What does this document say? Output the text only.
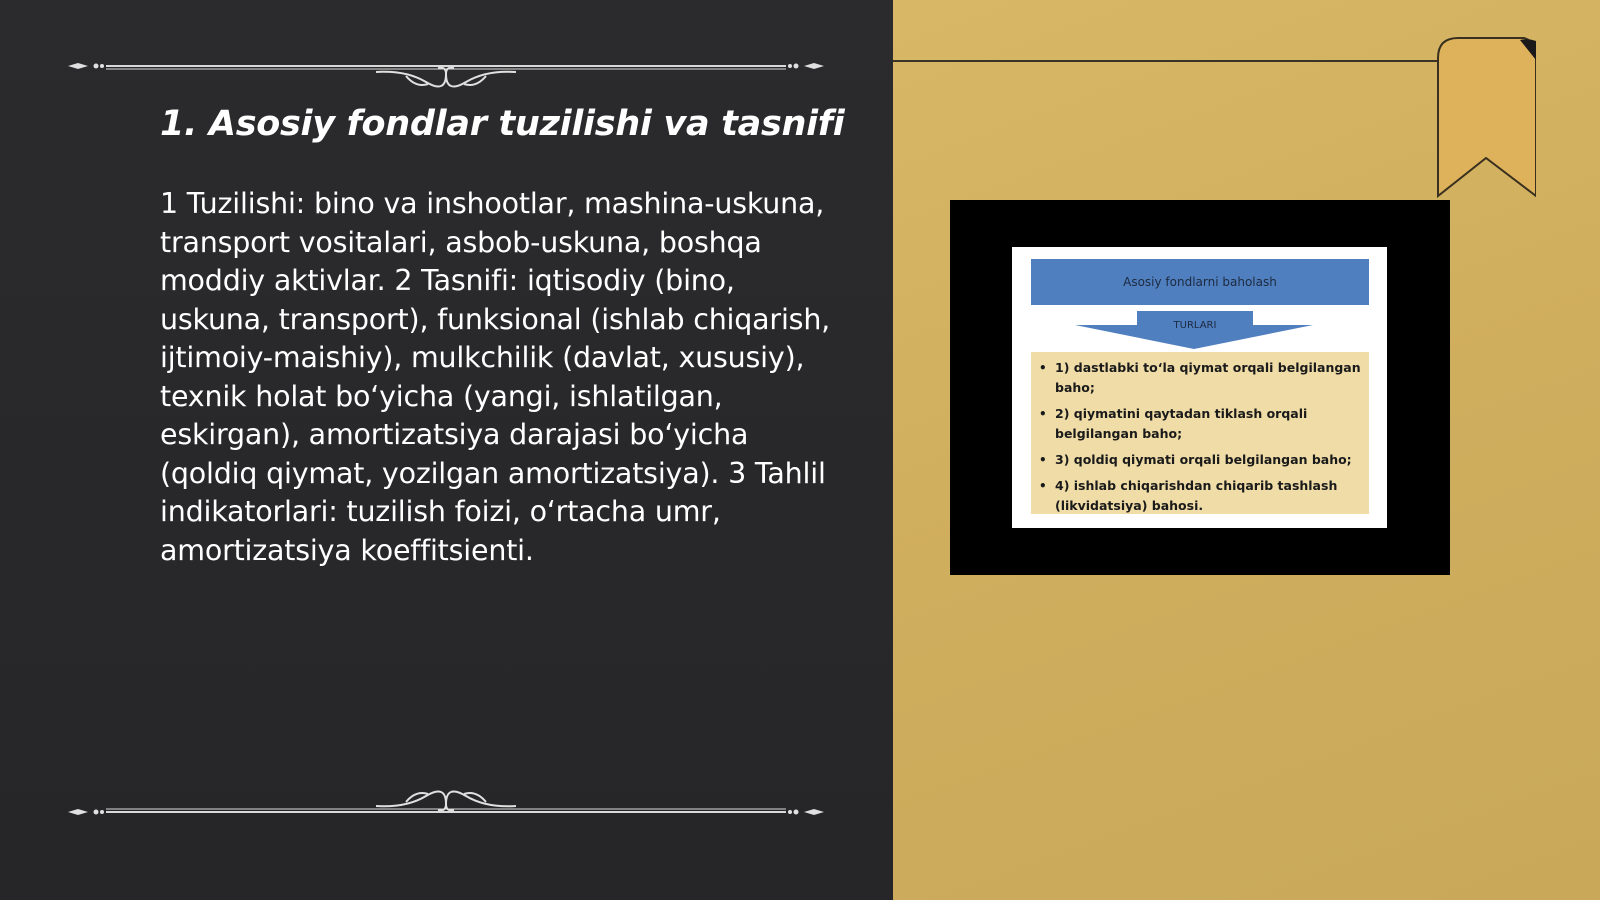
1. Asosiy fondlar tuzilishi va tasnifi

1 Tuzilishi: bino va inshootlar, mashina-uskuna, transport vositalari, asbob-uskuna, boshqa moddiy aktivlar. 2 Tasnifi: iqtisodiy (bino, uskuna, transport), funksional (ishlab chiqarish, ijtimoiy-maishiy), mulkchilik (davlat, xususiy), texnik holat bo‘yicha (yangi, ishlatilgan, eskirgan), amortizatsiya darajasi bo‘yicha (qoldiq qiymat, yozilgan amortizatsiya). 3 Tahlil indikatorlari: tuzilish foizi, o‘rtacha umr, amortizatsiya koeffitsienti.

Asosiy fondlarni baholash
TURLARI
• 1) dastlabki to‘la qiymat orqali belgilangan baho;
• 2) qiymatini qaytadan tiklash orqali belgilangan baho;
• 3) qoldiq qiymati orqali belgilangan baho;
• 4) ishlab chiqarishdan chiqarib tashlash (likvidatsiya) bahosi.
